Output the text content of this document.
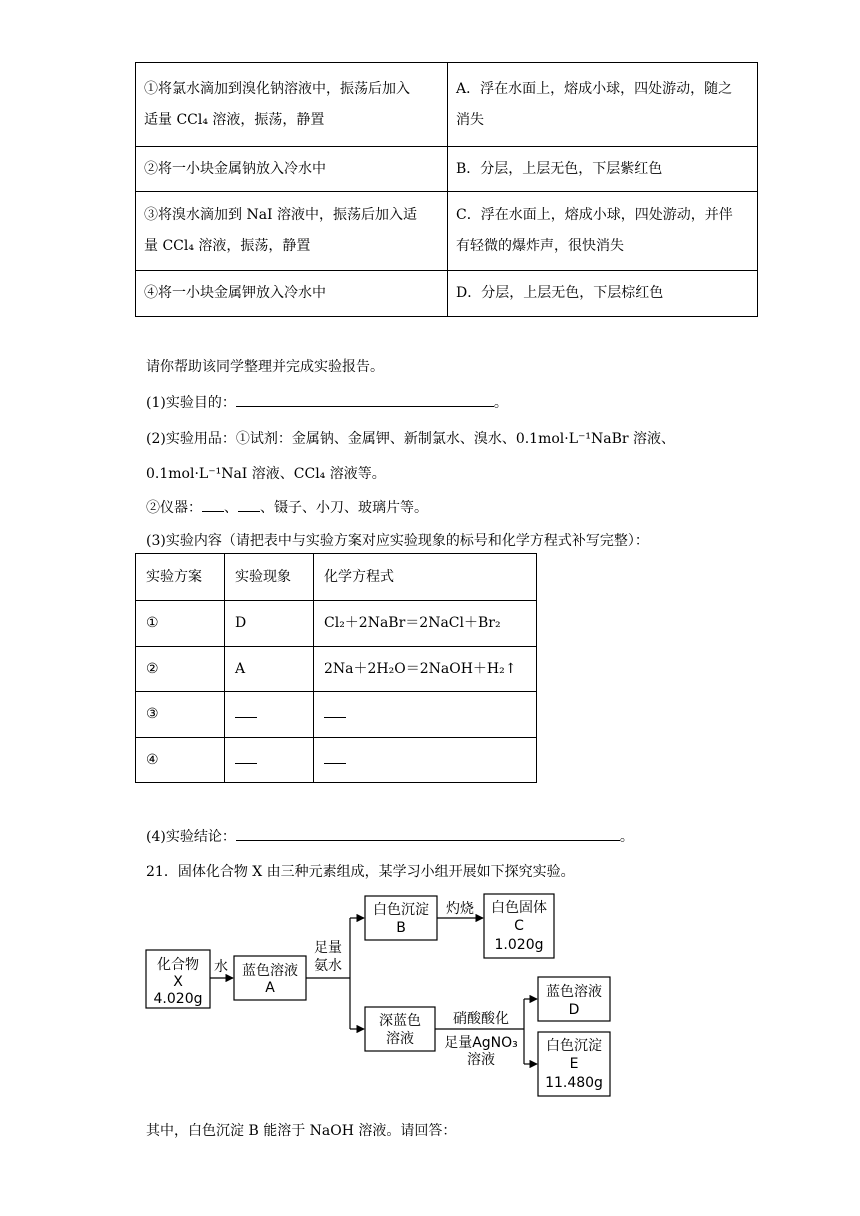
①将氯水滴加到溴化钠溶液中，振荡后加入
适量 CCl₄ 溶液，振荡，静置	A．浮在水面上，熔成小球，四处游动，随之
消失

②将一小块金属钠放入冷水中	B．分层，上层无色，下层紫红色

③将溴水滴加到 NaI 溶液中，振荡后加入适
量 CCl₄ 溶液，振荡，静置	C．浮在水面上，熔成小球，四处游动，并伴
有轻微的爆炸声，很快消失

④将一小块金属钾放入冷水中	D．分层，上层无色，下层棕红色
请你帮助该同学整理并完成实验报告。
(1)实验目的：	。
(2)实验用品：①试剂：金属钠、金属钾、新制氯水、溴水、0.1mol·L⁻¹NaBr 溶液、
0.1mol·L⁻¹NaI 溶液、CCl₄ 溶液等。
②仪器： 、 、镊子、小刀、玻璃片等。
(3)实验内容（请把表中与实验方案对应实验现象的标号和化学方程式补写完整）：
实验方案	实验现象	化学方程式
①	D	Cl₂＋2NaBr＝2NaCl＋Br₂
②	A	2Na＋2H₂O＝2NaOH＋H₂↑
③		
④		
(4)实验结论：	。
21．固体化合物 X 由三种元素组成，某学习小组开展如下探究实验。
化合物
X
4.020g
水 蓝色溶液
A
足量
氨水
白色沉淀
B
灼烧 白色固体
C
1.020g
深蓝色
溶液
硝酸酸化
足量AgNO₃
溶液
蓝色溶液
D
白色沉淀
E
11.480g
其中，白色沉淀 B 能溶于 NaOH 溶液。请回答：
